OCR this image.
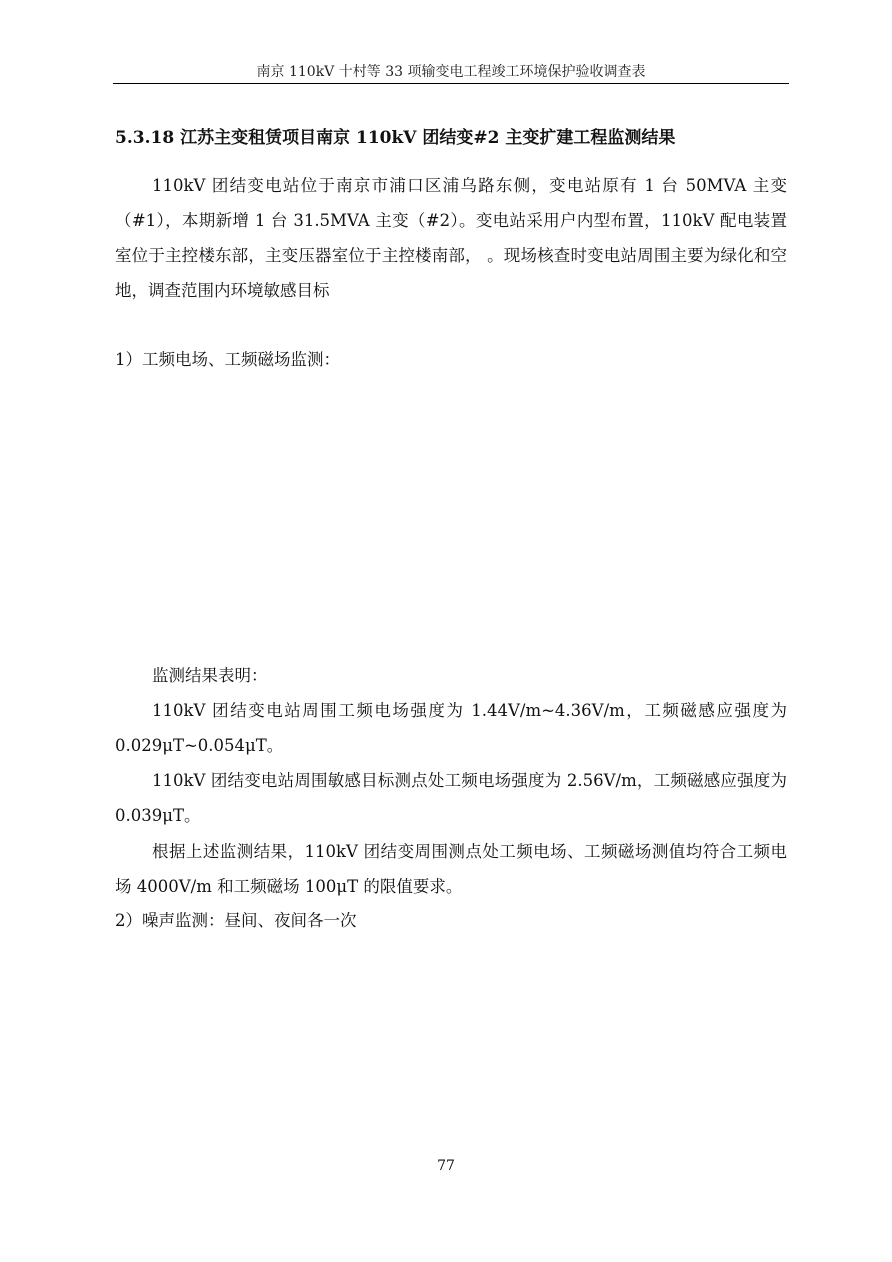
南京 110kV 十村等 33 项输变电工程竣工环境保护验收调查表
5.3.18 江苏主变租赁项目南京 110kV 团结变#2 主变扩建工程监测结果
110kV 团结变电站位于南京市浦口区浦乌路东侧，变电站原有 1 台 50MVA 主变（#1），本期新增 1 台 31.5MVA 主变（#2）。变电站采用户内型布置，110kV 配电装置室位于主控楼东部，主变压器室位于主控楼南部， 。现场核查时变电站周围主要为绿化和空地，调查范围内环境敏感目标
1）工频电场、工频磁场监测：
监测结果表明：
110kV 团结变电站周围工频电场强度为 1.44V/m~4.36V/m，工频磁感应强度为 0.029μT~0.054μT。
110kV 团结变电站周围敏感目标测点处工频电场强度为 2.56V/m，工频磁感应强度为 0.039μT。
根据上述监测结果，110kV 团结变周围测点处工频电场、工频磁场测值均符合工频电场 4000V/m 和工频磁场 100μT 的限值要求。
2）噪声监测：昼间、夜间各一次
77
